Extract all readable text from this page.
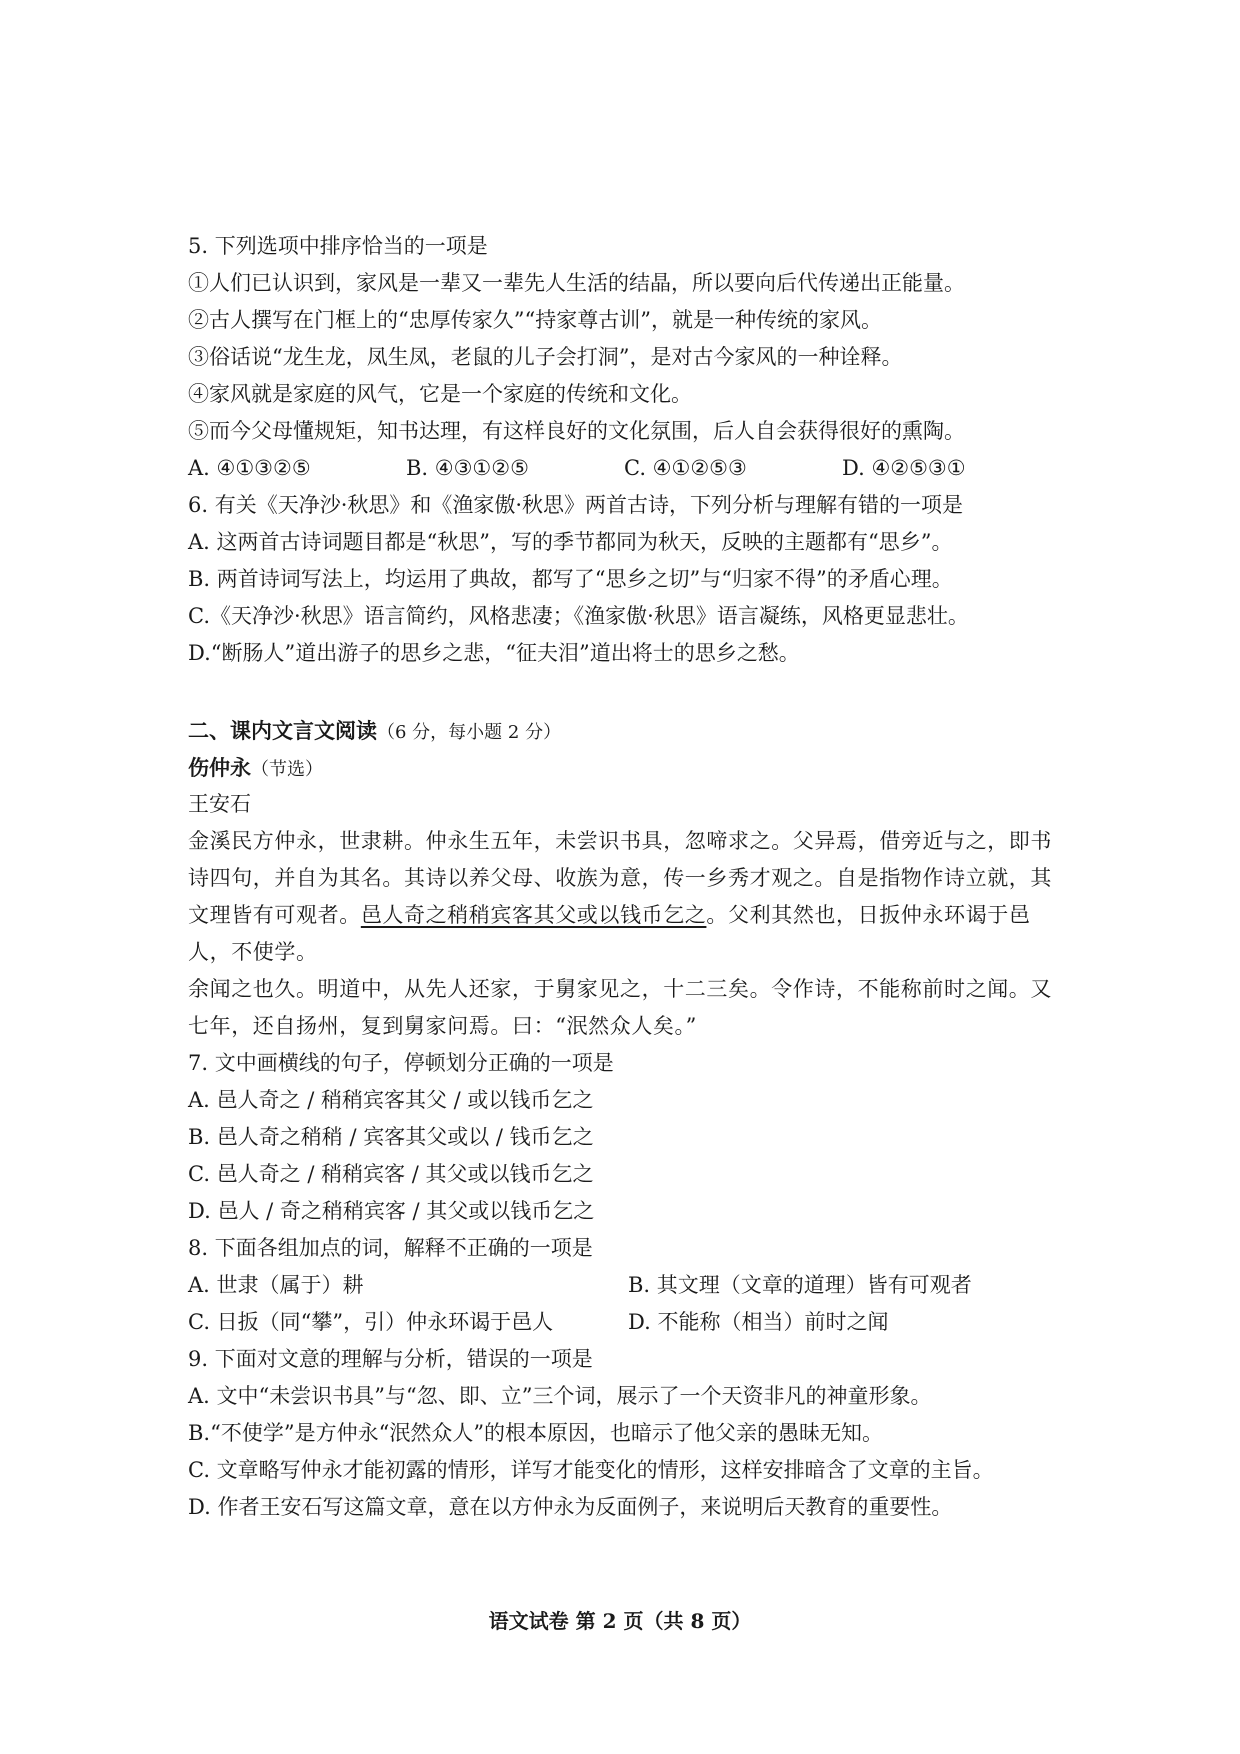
5. 下列选项中排序恰当的一项是
①人们已认识到，家风是一辈又一辈先人生活的结晶，所以要向后代传递出正能量。
②古人撰写在门框上的“忠厚传家久”“持家尊古训”，就是一种传统的家风。
③俗话说“龙生龙，凤生凤，老鼠的儿子会打洞”，是对古今家风的一种诠释。
④家风就是家庭的风气，它是一个家庭的传统和文化。
⑤而今父母懂规矩，知书达理，有这样良好的文化氛围，后人自会获得很好的熏陶。
A. ④①③②⑤	B. ④③①②⑤	C. ④①②⑤③	D. ④②⑤③①
6. 有关《天净沙·秋思》和《渔家傲·秋思》两首古诗，下列分析与理解有错的一项是
A. 这两首古诗词题目都是“秋思”，写的季节都同为秋天，反映的主题都有“思乡”。
B. 两首诗词写法上，均运用了典故，都写了“思乡之切”与“归家不得”的矛盾心理。
C.《天净沙·秋思》语言简约，风格悲凄；《渔家傲·秋思》语言凝练，风格更显悲壮。
D.“断肠人”道出游子的思乡之悲，“征夫泪”道出将士的思乡之愁。
二、课内文言文阅读（6 分，每小题 2 分）
伤仲永（节选）
王安石

金溪民方仲永，世隶耕。仲永生五年，未尝识书具，忽啼求之。父异焉，借旁近与之，即书诗四句，并自为其名。其诗以养父母、收族为意，传一乡秀才观之。自是指物作诗立就，其文理皆有可观者。邑人奇之稍稍宾客其父或以钱币乞之。父利其然也，日扳仲永环谒于邑人，不使学。

余闻之也久。明道中，从先人还家，于舅家见之，十二三矣。令作诗，不能称前时之闻。又七年，还自扬州，复到舅家问焉。曰：“泯然众人矣。”

7. 文中画横线的句子，停顿划分正确的一项是
A. 邑人奇之 / 稍稍宾客其父 / 或以钱币乞之
B. 邑人奇之稍稍 / 宾客其父或以 / 钱币乞之
C. 邑人奇之 / 稍稍宾客 / 其父或以钱币乞之
D. 邑人 / 奇之稍稍宾客 / 其父或以钱币乞之
8. 下面各组加点的词，解释不正确的一项是
A. 世隶（属于）耕	B. 其文理（文章的道理）皆有可观者
C. 日扳（同“攀”，引）仲永环谒于邑人	D. 不能称（相当）前时之闻
9. 下面对文意的理解与分析，错误的一项是
A. 文中“未尝识书具”与“忽、即、立”三个词，展示了一个天资非凡的神童形象。
B.“不使学”是方仲永“泯然众人”的根本原因，也暗示了他父亲的愚昧无知。
C. 文章略写仲永才能初露的情形，详写才能变化的情形，这样安排暗含了文章的主旨。
D. 作者王安石写这篇文章，意在以方仲永为反面例子，来说明后天教育的重要性。
语文试卷 第 2 页（共 8 页）
